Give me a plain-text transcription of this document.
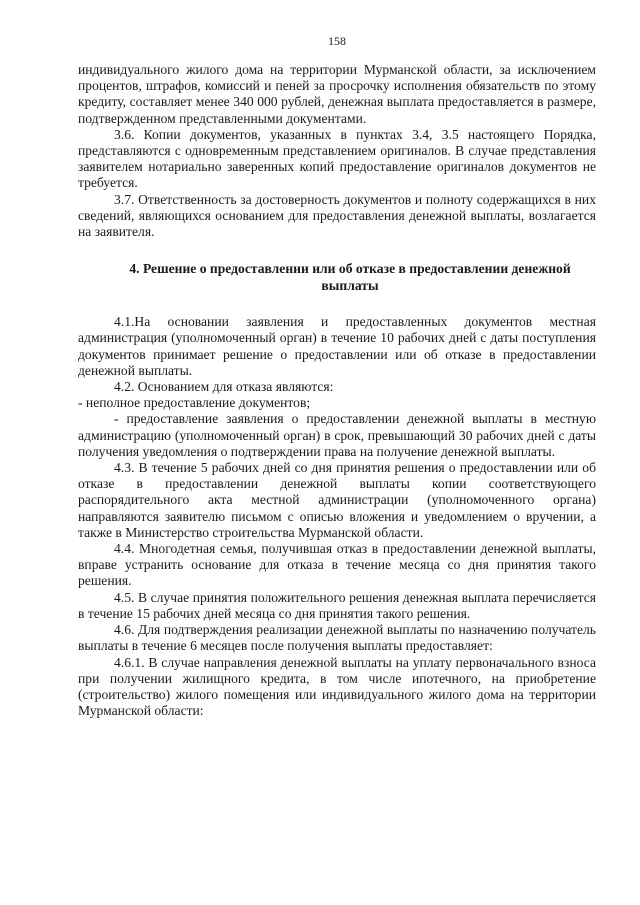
158

индивидуального жилого дома на территории Мурманской области, за исключением процентов, штрафов, комиссий и пеней за просрочку исполнения обязательств по этому кредиту, составляет менее 340 000 рублей, денежная выплата предоставляется в размере, подтвержденном представленными документами.

3.6. Копии документов, указанных в пунктах 3.4, 3.5 настоящего Порядка, представляются с одновременным представлением оригиналов. В случае представления заявителем нотариально заверенных копий предоставление оригиналов документов не требуется.

3.7. Ответственность за достоверность документов и полноту содержащихся в них сведений, являющихся основанием для предоставления денежной выплаты, возлагается на заявителя.

4. Решение о предоставлении или об отказе в предоставлении денежной выплаты

4.1.На основании заявления и предоставленных документов местная администрация (уполномоченный орган) в течение 10 рабочих дней с даты поступления документов принимает решение о предоставлении или об отказе в предоставлении денежной выплаты.

4.2. Основанием для отказа являются:

- неполное предоставление документов;

- предоставление заявления о предоставлении денежной выплаты в местную администрацию (уполномоченный орган) в срок, превышающий 30 рабочих дней с даты получения уведомления о подтверждении права на получение денежной выплаты.

4.3. В течение 5 рабочих дней со дня принятия решения о предоставлении или об отказе в предоставлении денежной выплаты копии соответствующего распорядительного акта местной администрации (уполномоченного органа) направляются заявителю письмом с описью вложения и уведомлением о вручении, а также в Министерство строительства Мурманской области.

4.4. Многодетная семья, получившая отказ в предоставлении денежной выплаты, вправе устранить основание для отказа в течение месяца со дня принятия такого решения.

4.5. В случае принятия положительного решения денежная выплата перечисляется в течение 15 рабочих дней месяца со дня принятия такого решения.

4.6. Для подтверждения реализации денежной выплаты по назначению получатель выплаты в течение 6 месяцев после получения выплаты предоставляет:

4.6.1. В случае направления денежной выплаты на уплату первоначального взноса при получении жилищного кредита, в том числе ипотечного, на приобретение (строительство) жилого помещения или индивидуального жилого дома на территории Мурманской области:
